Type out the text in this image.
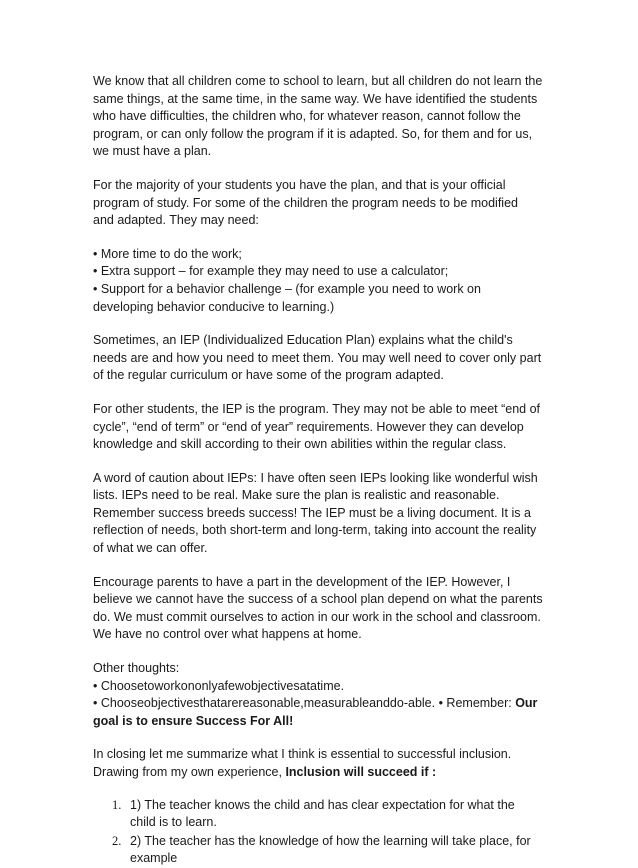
We know that all children come to school to learn, but all children do not learn the
same things, at the same time, in the same way. We have identified the students
who have difficulties, the children who, for whatever reason, cannot follow the
program, or can only follow the program if it is adapted. So, for them and for us,
we must have a plan.

For the majority of your students you have the plan, and that is your official
program of study. For some of the children the program needs to be modified
and adapted. They may need:

• More time to do the work;
• Extra support – for example they may need to use a calculator;
• Support for a behavior challenge – (for example you need to work on
developing behavior conducive to learning.)

Sometimes, an IEP (Individualized Education Plan) explains what the child's
needs are and how you need to meet them. You may well need to cover only part
of the regular curriculum or have some of the program adapted.

For other students, the IEP is the program. They may not be able to meet “end of
cycle”, “end of term” or “end of year” requirements. However they can develop
knowledge and skill according to their own abilities within the regular class.

A word of caution about IEPs: I have often seen IEPs looking like wonderful wish
lists. IEPs need to be real. Make sure the plan is realistic and reasonable.
Remember success breeds success! The IEP must be a living document. It is a
reflection of needs, both short-term and long-term, taking into account the reality
of what we can offer.

Encourage parents to have a part in the development of the IEP. However, I
believe we cannot have the success of a school plan depend on what the parents
do. We must commit ourselves to action in our work in the school and classroom.
We have no control over what happens at home.

Other thoughts:
• Choosetoworkononlyafewobjectivesatatime.
• Chooseobjectivesthatarereasonable,measurableanddo-able. • Remember: Our
goal is to ensure Success For All!

In closing let me summarize what I think is essential to successful inclusion.
Drawing from my own experience, Inclusion will succeed if :

1. 1) The teacher knows the child and has clear expectation for what the
child is to learn.
2. 2) The teacher has the knowledge of how the learning will take place, for
example
